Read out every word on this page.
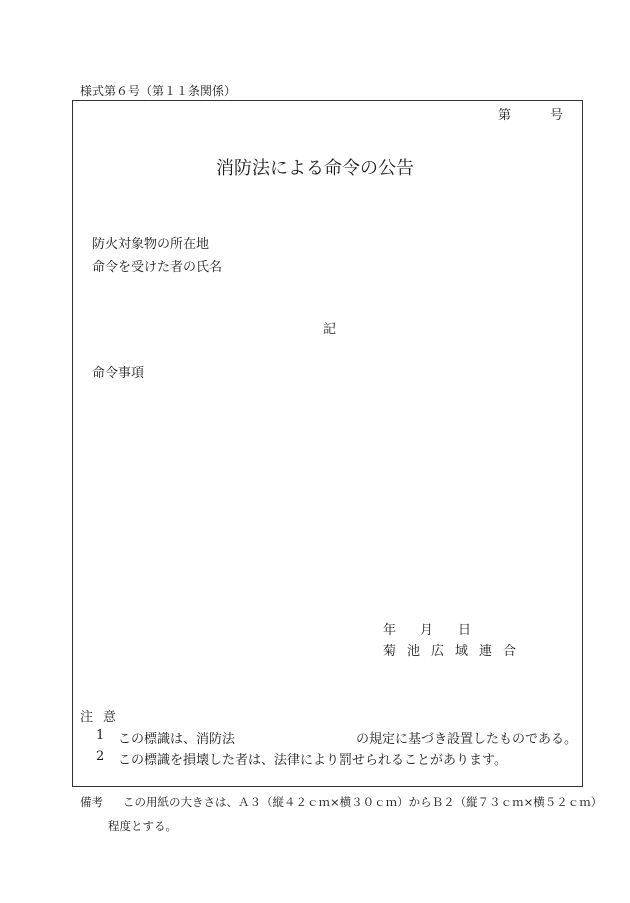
様式第６号（第１１条関係）
第	号
消防法による命令の公告
防火対象物の所在地
命令を受けた者の氏名
記
命令事項
年 月 日
菊池広域連合
注意
1 この標識は、消防法	の規定に基づき設置したものである。
2 この標識を損壊した者は、法律により罰せられることがあります。
備考 この用紙の大きさは、Ａ３（縦４２ｃｍ×横３０ｃｍ）からＢ２（縦７３ｃｍ×横５２ｃｍ）
程度とする。
